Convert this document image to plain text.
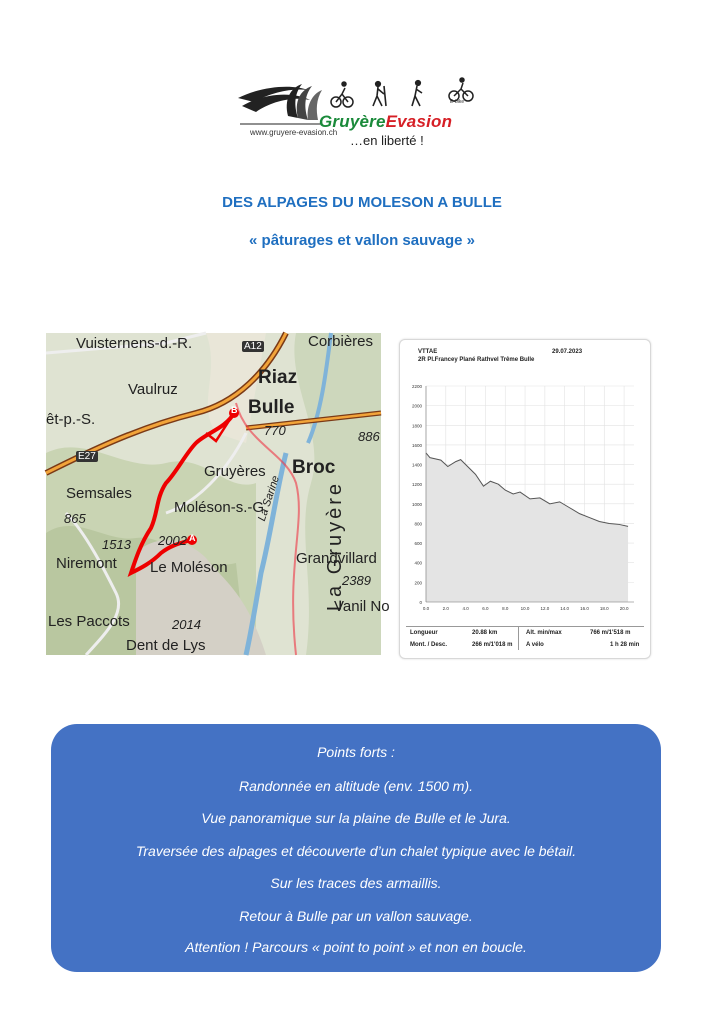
www.gruyere-evasion.ch
GruyèreEvasion
E-bike
…en liberté !
DES ALPAGES DU MOLESON A BULLE
« pâturages et vallon sauvage »
Vuisternens-d.-R.	A12	Corbières
Riaz
Vaulruz
Bulle
770
êt-p.-S.
886
E27
Gruyères Broc
Semsales
Moléson-s.-G.
865	La Gruyère
1513 2002
Niremont Le Moléson
La Sarine
Grandvillard
2389
Les Paccots	2014
Vanil No
Dent de Lys
B
A
VTTAE	29.07.2023
2R Pl.Francey Plané Rathvel Trême Bulle
2200
2000
1800
1600
1400
1200
1000
800
600
400
200
0
0.0	2.0	4.0	6.0	8.0	10.0 12.0 14.0 16.0 18.0 20.0
Longueur	20.88 km	Alt. min/max	766 m/1'518 m
Mont. / Desc.	266 m/1'018 m A vélo	1 h 28 min
Points forts :
Randonnée en altitude (env. 1500 m).
Vue panoramique sur la plaine de Bulle et le Jura.
Traversée des alpages et découverte d’un chalet typique avec le bétail.
Sur les traces des armaillis.
Retour à Bulle par un vallon sauvage.
Attention ! Parcours « point to point » et non en boucle.
